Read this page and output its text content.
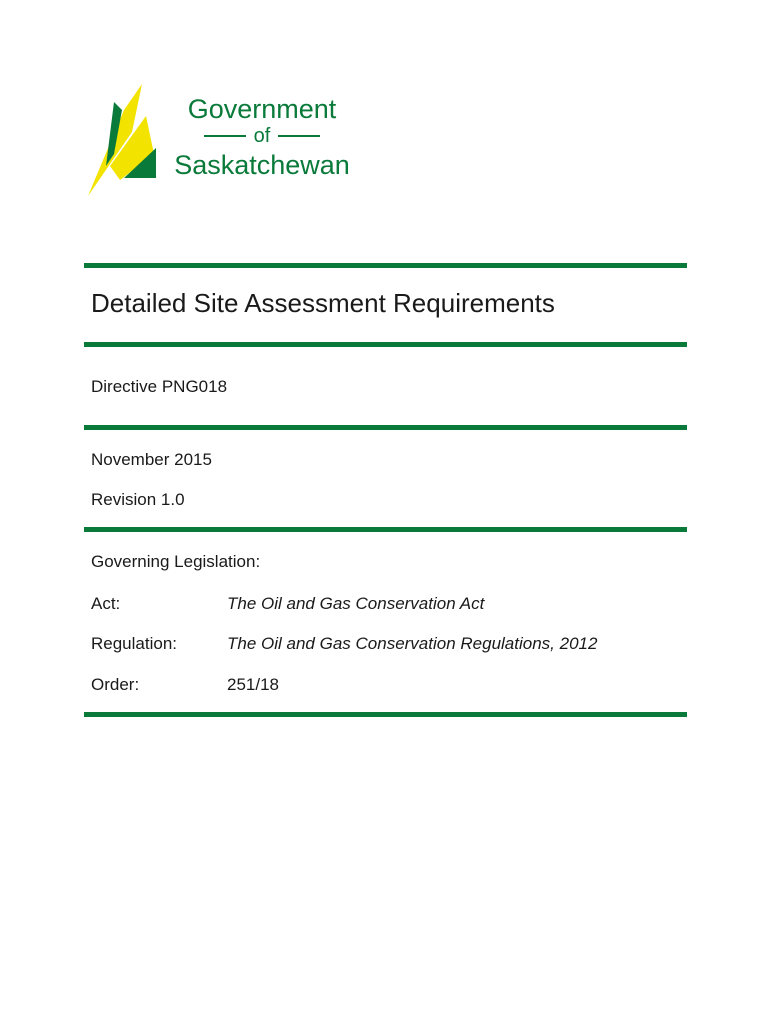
Government
of
Saskatchewan
Detailed Site Assessment Requirements
Directive PNG018
November 2015
Revision 1.0
Governing Legislation:
Act:	The Oil and Gas Conservation Act
Regulation:	The Oil and Gas Conservation Regulations, 2012
Order:	251/18
